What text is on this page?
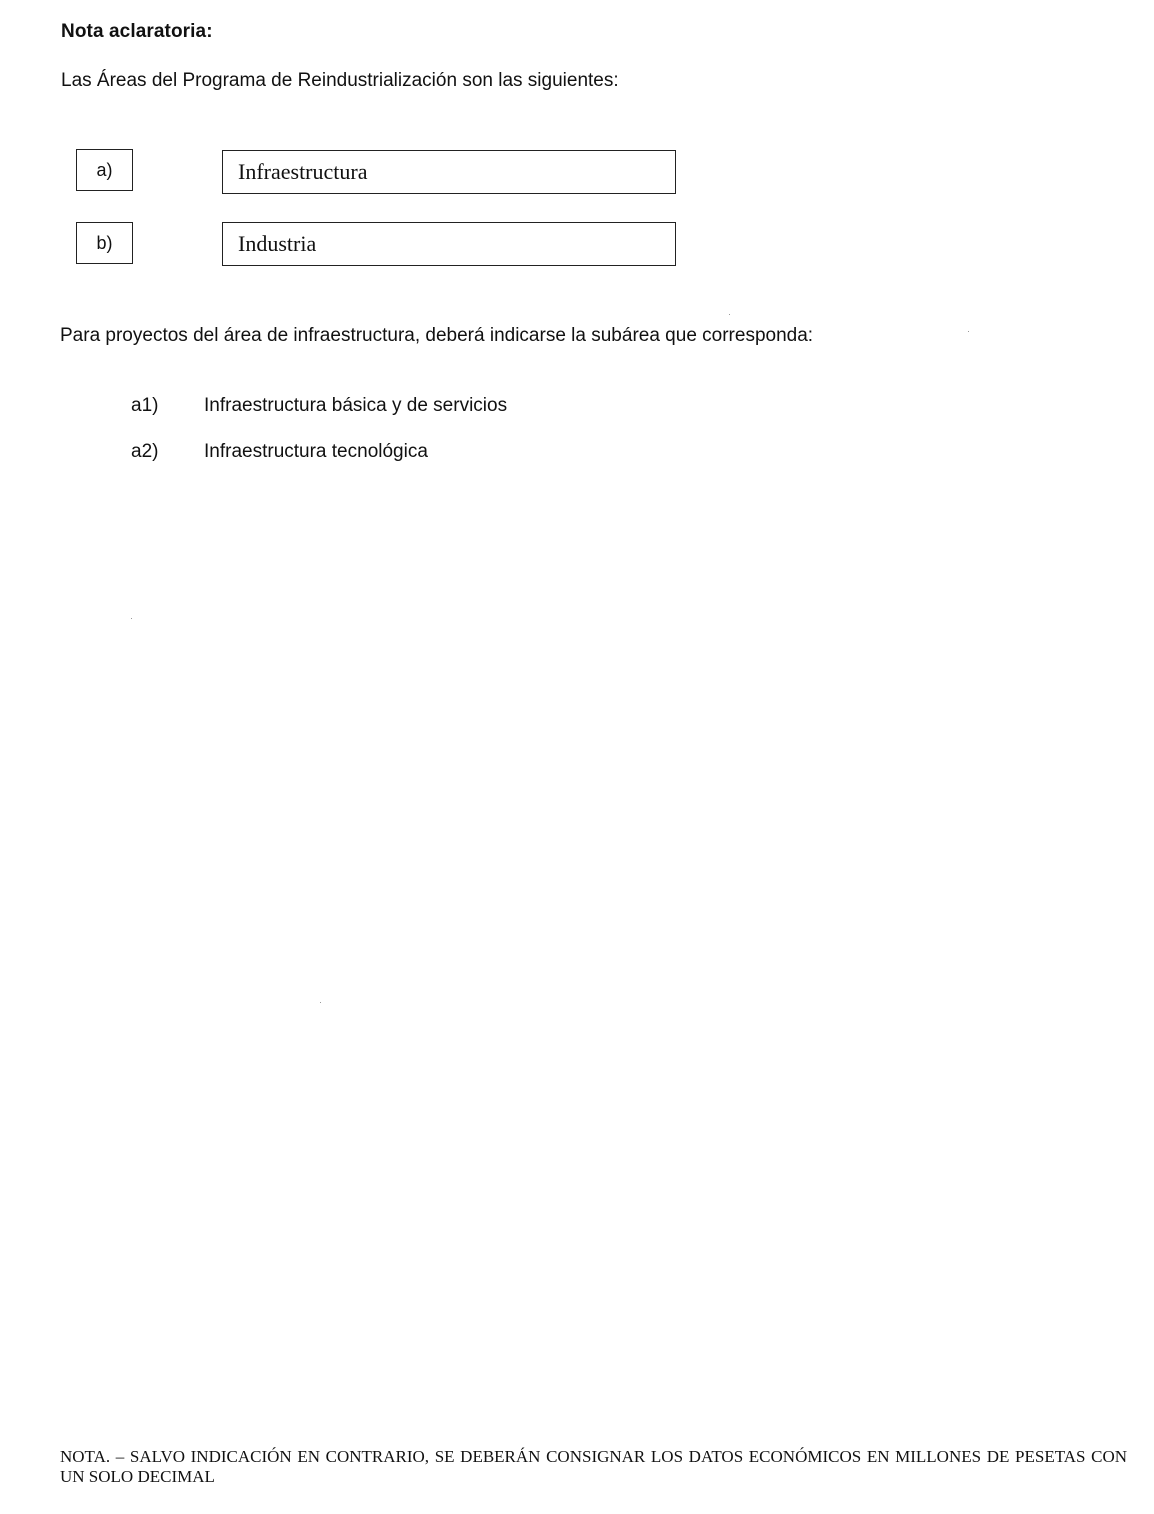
Nota aclaratoria:
Las Áreas del Programa de Reindustrialización son las siguientes:
a)	Infraestructura
b)	Industria
Para proyectos del área de infraestructura, deberá indicarse la subárea que corresponda:
a1) Infraestructura básica y de servicios
a2) Infraestructura tecnológica
NOTA. – SALVO INDICACIÓN EN CONTRARIO, SE DEBERÁN CONSIGNAR LOS DATOS ECONÓMICOS EN MILLONES DE PESETAS CON UN SOLO DECIMAL
